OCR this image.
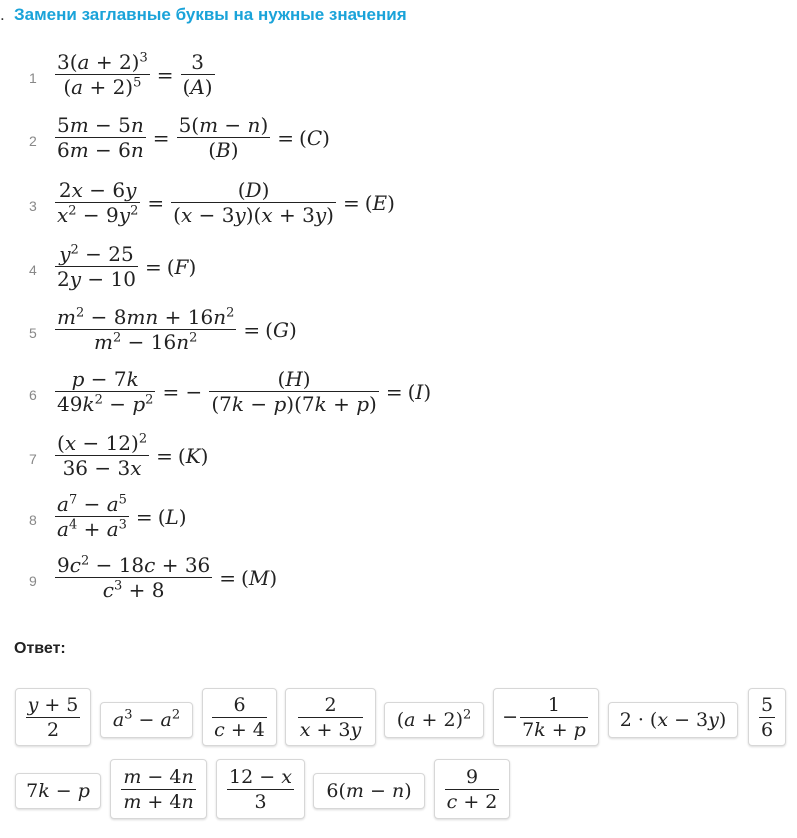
. Замени заглавные буквы на нужные значения
$1 \frac{3(a + 2)^3}{(a + 2)^5} = \frac{3}{(A)}$
$2 \frac{5m - 5n}{6m - 6n} = \frac{5(m - n)}{(B)} = (C)$
$3 \frac{2x - 6y}{x^2 - 9y^2} = \frac{(D)}{(x - 3y)(x + 3y)} = (E)$
$4 \frac{y^2 - 25}{2y - 10} = (F)$
$5 \frac{m^2 - 8mn + 16n^2}{m^2 - 16n^2} = (G)$
$6 \frac{p - 7k}{49k^2 - p^2}$ = − $\frac{(H)}{(7k - p)(7k + p)} = (I)$
$7 \frac{(x - 12)^2}{36 - 3x} = (K)$
$8 \frac{a^7 - a^5}{a^4 + a^3} = (L)$
$9 \frac{9c^2 - 18c + 36}{c^3 + 8} = (M)$
Ответ:
$\frac{y + 5}{2} a^3 - a^2 \frac{6}{c + 4} \frac{2}{x + 3y} (a + 2)^2 - \frac{1}{7k + p} 2 \cdot (x - 3y) \frac{5}{6}$
7k − p $\frac{m - 4n}{m + 4n} \frac{12 - x}{3} 6(m - n) \frac{9}{c + 2}$
